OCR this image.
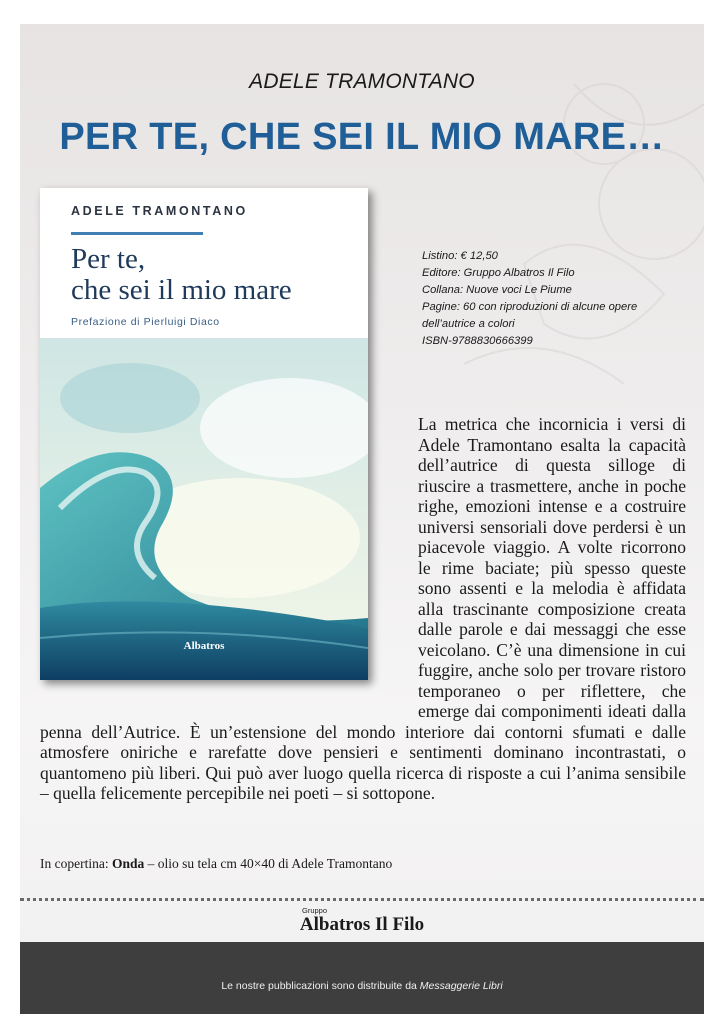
ADELE TRAMONTANO
PER TE, CHE SEI IL MIO MARE…
ADELE TRAMONTANO
Per te,
che sei il mio mare
Prefazione di Pierluigi Diaco
Albatros
Listino: € 12,50
Editore: Gruppo Albatros Il Filo
Collana: Nuove voci Le Piume
Pagine: 60 con riproduzioni di alcune opere dell’autrice a colori
ISBN-9788830666399
La metrica che incornicia i versi di Adele Tramontano esalta la capacità dell’autrice di questa silloge di riuscire a trasmettere, anche in poche righe, emozioni intense e a costruire universi sensoriali dove perdersi è un piacevole viaggio. A volte ricorrono le rime baciate; più spesso queste sono assenti e la melodia è affidata alla trascinante composizione creata dalle parole e dai messaggi che esse veicolano. C’è una dimensione in cui fuggire, anche solo per trovare ristoro temporaneo o per riflettere, che emerge dai componimenti ideati dalla penna dell’Autrice. È un’estensione del mondo interiore dai contorni sfumati e dalle atmosfere oniriche e rarefatte dove pensieri e sentimenti dominano incontrastati, o quantomeno più liberi. Qui può aver luogo quella ricerca di risposte a cui l’anima sensibile – quella felicemente percepibile nei poeti – si sottopone.
In copertina: Onda – olio su tela cm 40×40 di Adele Tramontano
Gruppo
Albatros Il Filo
Le nostre pubblicazioni sono distribuite da Messaggerie Libri
